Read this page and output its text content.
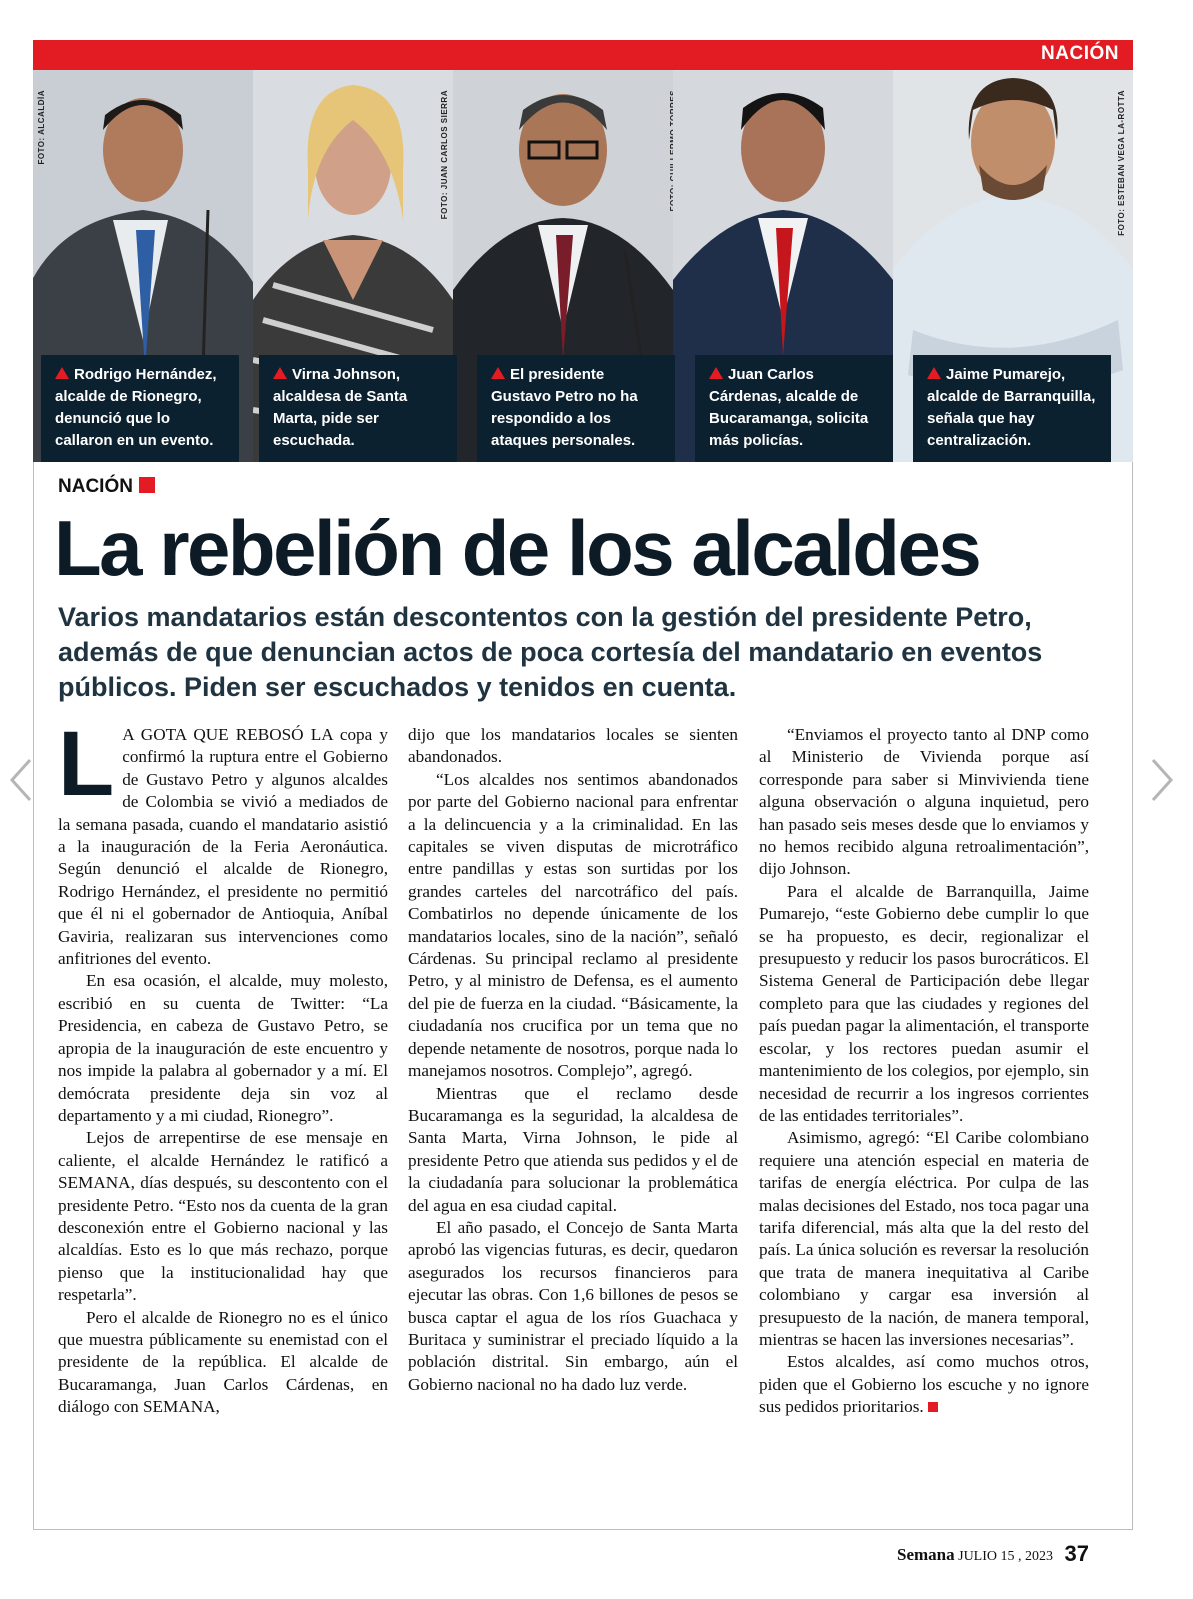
NACIÓN
FOTO: ALCALDÍA	FOTO: JUAN CARLOS SIERRA	FOTO: ESTEBAN VEGA LA-ROTTA
Rodrigo Hernández, alcalde de Rionegro, denunció que lo callaron en un evento.
Virna Johnson, alcaldesa de Santa Marta, pide ser escuchada.
El presidente Gustavo Petro no ha respondido a los ataques personales.
Juan Carlos Cárdenas, alcalde de Bucaramanga, solicita más policías.
Jaime Pumarejo, alcalde de Barranquilla, señala que hay centralización.
NACIÓN
La rebelión de los alcaldes

Varios mandatarios están descontentos con la gestión del presidente Petro, además de que denuncian actos de poca cortesía del mandatario en eventos públicos. Piden ser escuchados y tenidos en cuenta.

L A GOTA QUE REBOSÓ LA copa y confirmó la ruptura entre el Gobierno de Gustavo Petro y algunos alcaldes de Colombia se vivió a mediados de la semana pasada, cuando el mandatario asistió a la inauguración de la Feria Aeronáutica. Según denunció el alcalde de Rionegro, Rodrigo Hernández, el presidente no permitió que él ni el gobernador de Antioquia, Aníbal Gaviria, realizaran sus intervenciones como anfitriones del evento.

En esa ocasión, el alcalde, muy molesto, escribió en su cuenta de Twitter: “La Presidencia, en cabeza de Gustavo Petro, se apropia de la inauguración de este encuentro y nos impide la palabra al gobernador y a mí. El demócrata presidente deja sin voz al departamento y a mi ciudad, Rionegro”.

Lejos de arrepentirse de ese mensaje en caliente, el alcalde Hernández le ratificó a SEMANA, días después, su descontento con el presidente Petro. “Esto nos da cuenta de la gran desconexión entre el Gobierno nacional y las alcaldías. Esto es lo que más rechazo, porque pienso que la institucionalidad hay que respetarla”.

Pero el alcalde de Rionegro no es el único que muestra públicamente su enemistad con el presidente de la república. El alcalde de Bucaramanga, Juan Carlos Cárdenas, en diálogo con SEMANA,

dijo que los mandatarios locales se sienten abandonados.

“Los alcaldes nos sentimos abandonados por parte del Gobierno nacional para enfrentar a la delincuencia y a la criminalidad. En las capitales se viven disputas de microtráfico entre pandillas y estas son surtidas por los grandes carteles del narcotráfico del país. Combatirlos no depende únicamente de los mandatarios locales, sino de la nación”, señaló Cárdenas. Su principal reclamo al presidente Petro, y al ministro de Defensa, es el aumento del pie de fuerza en la ciudad. “Básicamente, la ciudadanía nos crucifica por un tema que no depende netamente de nosotros, porque nada lo manejamos nosotros. Complejo”, agregó.

Mientras que el reclamo desde Bucaramanga es la seguridad, la alcaldesa de Santa Marta, Virna Johnson, le pide al presidente Petro que atienda sus pedidos y el de la ciudadanía para solucionar la problemática del agua en esa ciudad capital.

El año pasado, el Concejo de Santa Marta aprobó las vigencias futuras, es decir, quedaron asegurados los recursos financieros para ejecutar las obras. Con 1,6 billones de pesos se busca captar el agua de los ríos Guachaca y Buritaca y suministrar el preciado líquido a la población distrital. Sin embargo, aún el Gobierno nacional no ha dado luz verde.

“Enviamos el proyecto tanto al DNP como al Ministerio de Vivienda porque así corresponde para saber si Minvivienda tiene alguna observación o alguna inquietud, pero han pasado seis meses desde que lo enviamos y no hemos recibido alguna retroalimentación”, dijo Johnson.

Para el alcalde de Barranquilla, Jaime Pumarejo, “este Gobierno debe cumplir lo que se ha propuesto, es decir, regionalizar el presupuesto y reducir los pasos burocráticos. El Sistema General de Participación debe llegar completo para que las ciudades y regiones del país puedan pagar la alimentación, el transporte escolar, y los rectores puedan asumir el mantenimiento de los colegios, por ejemplo, sin necesidad de recurrir a los ingresos corrientes de las entidades territoriales”.

Asimismo, agregó: “El Caribe colombiano requiere una atención especial en materia de tarifas de energía eléctrica. Por culpa de las malas decisiones del Estado, nos toca pagar una tarifa diferencial, más alta que la del resto del país. La única solución es reversar la resolución que trata de manera inequitativa al Caribe colombiano y cargar esa inversión al presupuesto de la nación, de manera temporal, mientras se hacen las inversiones necesarias”.

Estos alcaldes, así como muchos otros, piden que el Gobierno los escuche y no ignore sus pedidos prioritarios.

Semana JULIO 15 , 2023 37
